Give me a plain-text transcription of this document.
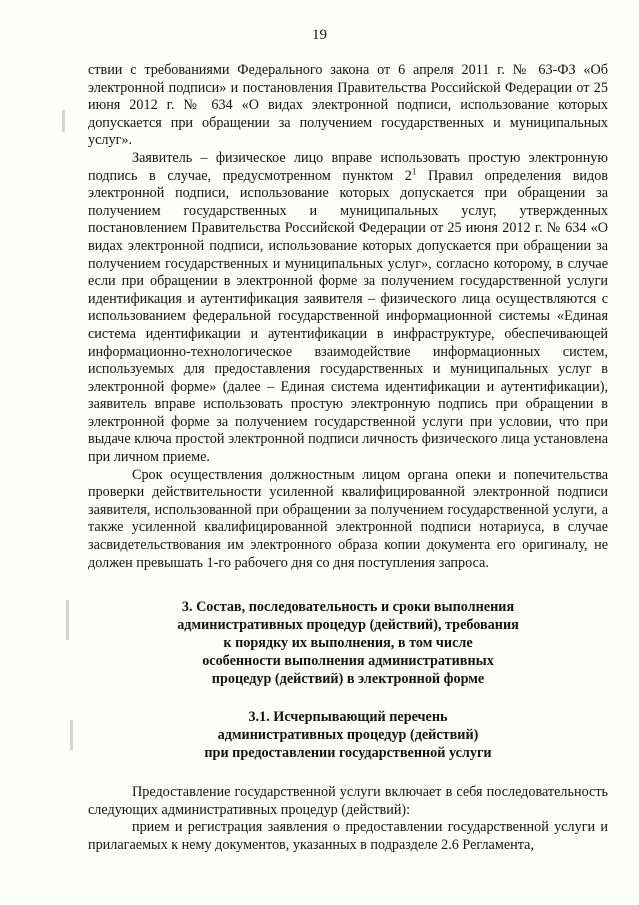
19

ствии с требованиями Федерального закона от 6 апреля 2011 г. № 63-ФЗ «Об электронной подписи» и постановления Правительства Российской Федерации от 25 июня 2012 г. № 634 «О видах электронной подписи, использование которых допускается при обращении за получением государственных и муниципальных услуг».

Заявитель – физическое лицо вправе использовать простую электронную подпись в случае, предусмотренном пунктом $2^1$ Правил определения видов электронной подписи, использование которых допускается при обращении за получением государственных и муниципальных услуг, утвержденных постановлением Правительства Российской Федерации от 25 июня 2012 г. № 634 «О видах электронной подписи, использование которых допускается при обращении за получением государственных и муниципальных услуг», согласно которому, в случае если при обращении в электронной форме за получением государственной услуги идентификация и аутентификация заявителя – физического лица осуществляются с использованием федеральной государственной информационной системы «Единая система идентификации и аутентификации в инфраструктуре, обеспечивающей информационно-технологическое взаимодействие информационных систем, используемых для предоставления государственных и муниципальных услуг в электронной форме» (далее – Единая система идентификации и аутентификации), заявитель вправе использовать простую электронную подпись при обращении в электронной форме за получением государственной услуги при условии, что при выдаче ключа простой электронной подписи личность физического лица установлена при личном приеме.

Срок осуществления должностным лицом органа опеки и попечительства проверки действительности усиленной квалифицированной электронной подписи заявителя, использованной при обращении за получением государственной услуги, а также усиленной квалифицированной электронной подписи нотариуса, в случае засвидетельствования им электронного образа копии документа его оригиналу, не должен превышать 1-го рабочего дня со дня поступления запроса.

3. Состав, последовательность и сроки выполнения

административных процедур (действий), требования

к порядку их выполнения, в том числе

особенности выполнения административных

процедур (действий) в электронной форме

3.1. Исчерпывающий перечень

административных процедур (действий)

при предоставлении государственной услуги

Предоставление государственной услуги включает в себя последовательность следующих административных процедур (действий):

прием и регистрация заявления о предоставлении государственной услуги и прилагаемых к нему документов, указанных в подразделе 2.6 Регламента,
